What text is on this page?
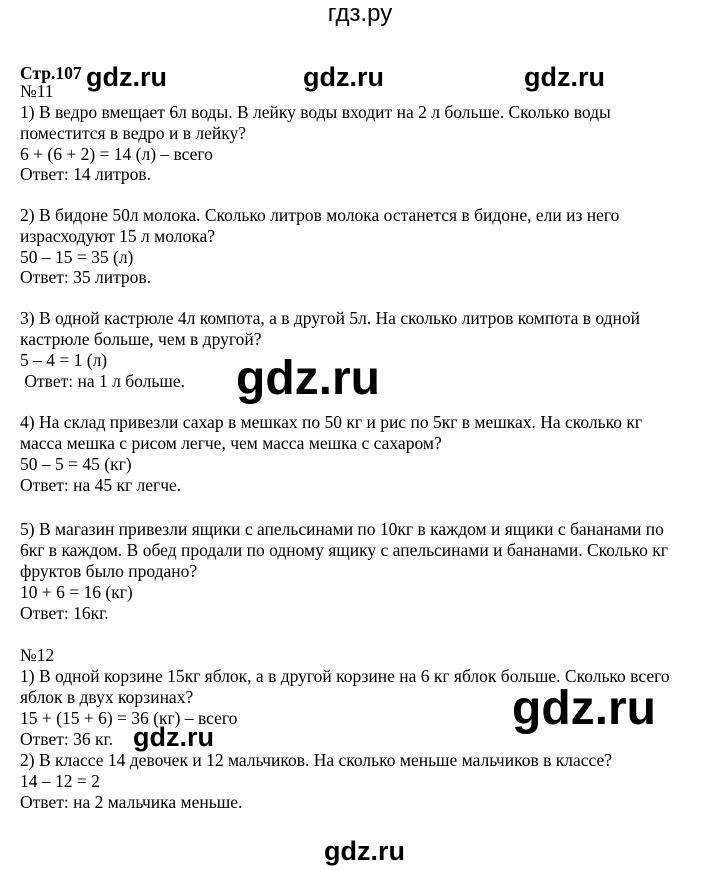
гдз.ру
Стр.107
№11
1) В ведро вмещает 6л воды. В лейку воды входит на 2 л больше. Сколько воды
поместится в ведро и в лейку?
6 + (6 + 2) = 14 (л) – всего
Ответ: 14 литров.
2) В бидоне 50л молока. Сколько литров молока останется в бидоне, ели из него
израсходуют 15 л молока?
50 – 15 = 35 (л)
Ответ: 35 литров.
3) В одной кастрюле 4л компота, а в другой 5л. На сколько литров компота в одной
кастрюле больше, чем в другой?
5 – 4 = 1 (л)
Ответ: на 1 л больше.
4) На склад привезли сахар в мешках по 50 кг и рис по 5кг в мешках. На сколько кг
масса мешка с рисом легче, чем масса мешка с сахаром?
50 – 5 = 45 (кг)
Ответ: на 45 кг легче.
5) В магазин привезли ящики с апельсинами по 10кг в каждом и ящики с бананами по
6кг в каждом. В обед продали по одному ящику с апельсинами и бананами. Сколько кг
фруктов было продано?
10 + 6 = 16 (кг)
Ответ: 16кг.
№12
1) В одной корзине 15кг яблок, а в другой корзине на 6 кг яблок больше. Сколько всего
яблок в двух корзинах?
15 + (15 + 6) = 36 (кг) – всего
Ответ: 36 кг.
2) В классе 14 девочек и 12 мальчиков. На сколько меньше мальчиков в классе?
14 – 12 = 2
Ответ: на 2 мальчика меньше.
gdz.ru	gdz.ru	gdz.ru
gdz.ru
gdz.ru
gdz.ru
gdz.ru
